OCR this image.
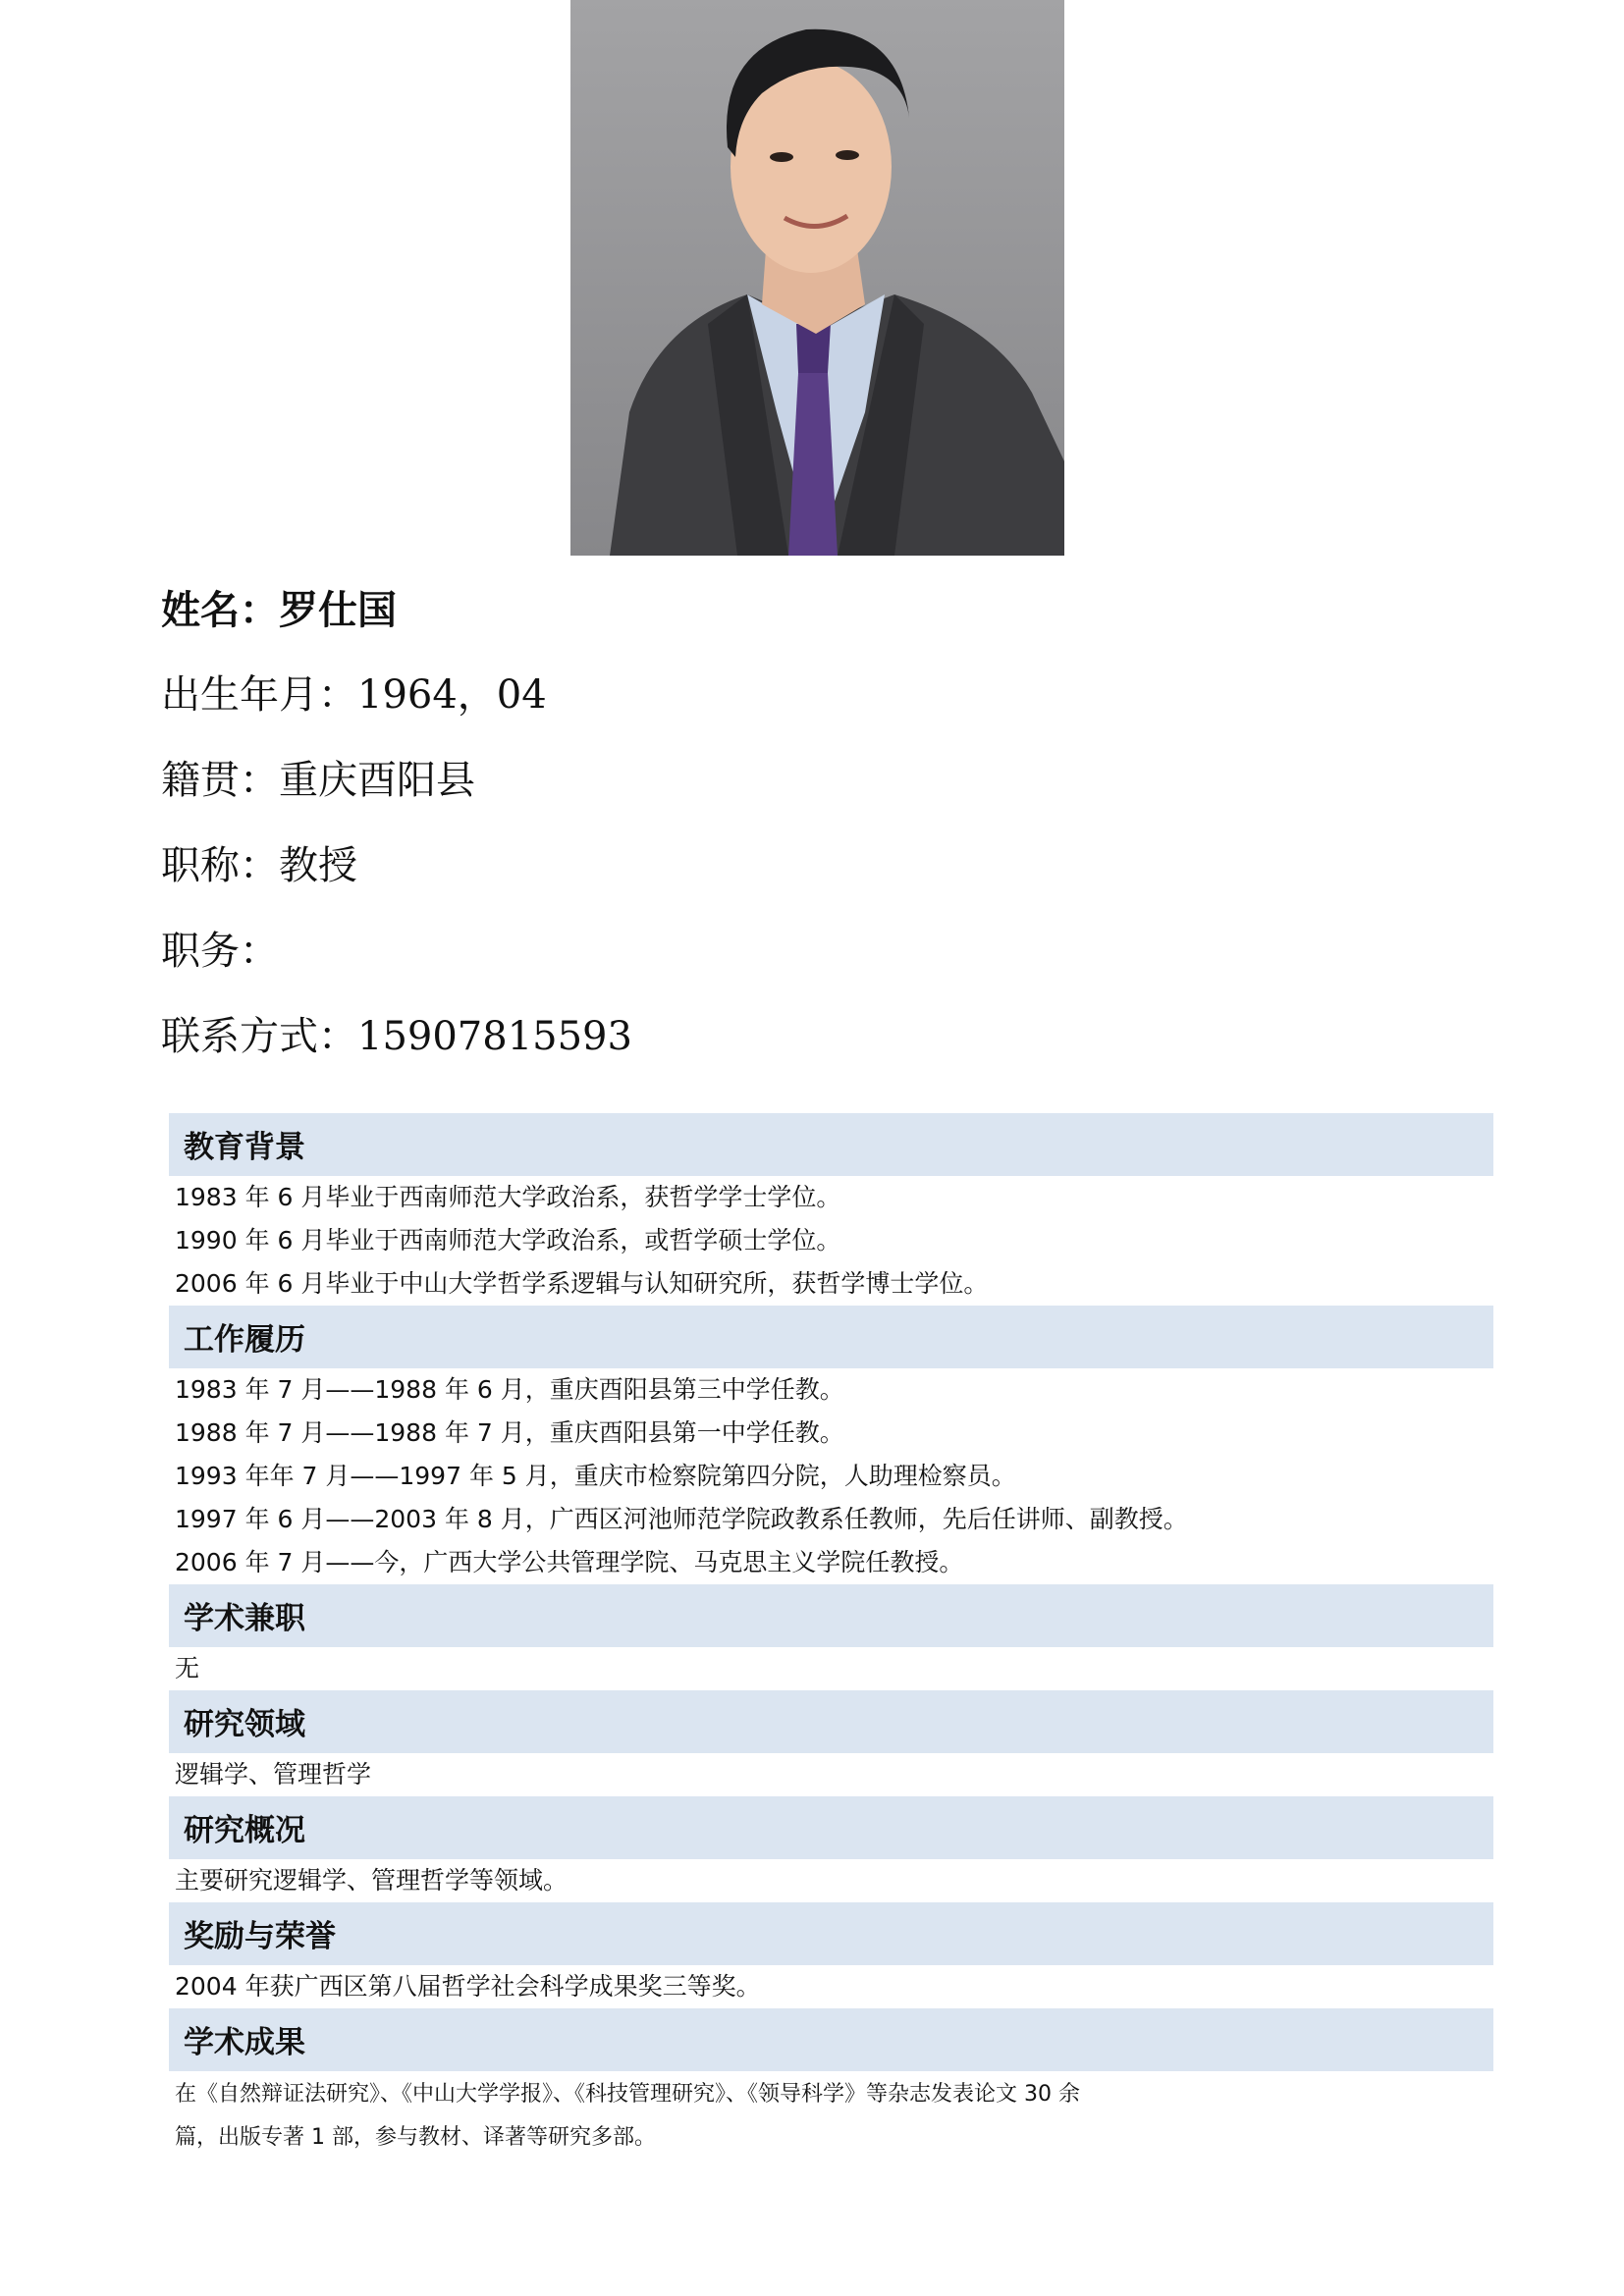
姓名：罗仕国
出生年月：1964，04
籍贯：重庆酉阳县
职称：教授
职务：
联系方式：15907815593
教育背景
1983 年 6 月毕业于西南师范大学政治系，获哲学学士学位。
1990 年 6 月毕业于西南师范大学政治系，或哲学硕士学位。
2006 年 6 月毕业于中山大学哲学系逻辑与认知研究所，获哲学博士学位。
工作履历
1983 年 7 月——1988 年 6 月，重庆酉阳县第三中学任教。
1988 年 7 月——1988 年 7 月，重庆酉阳县第一中学任教。
1993 年年 7 月——1997 年 5 月，重庆市检察院第四分院，人助理检察员。
1997 年 6 月——2003 年 8 月，广西区河池师范学院政教系任教师，先后任讲师、副教授。
2006 年 7 月——今，广西大学公共管理学院、马克思主义学院任教授。
学术兼职
无
研究领域
逻辑学、管理哲学
研究概况
主要研究逻辑学、管理哲学等领域。
奖励与荣誉
2004 年获广西区第八届哲学社会科学成果奖三等奖。
学术成果
在《自然辩证法研究》、《中山大学学报》、《科技管理研究》、《领导科学》等杂志发表论文 30 余篇，出版专著 1 部，参与教材、译著等研究多部。
